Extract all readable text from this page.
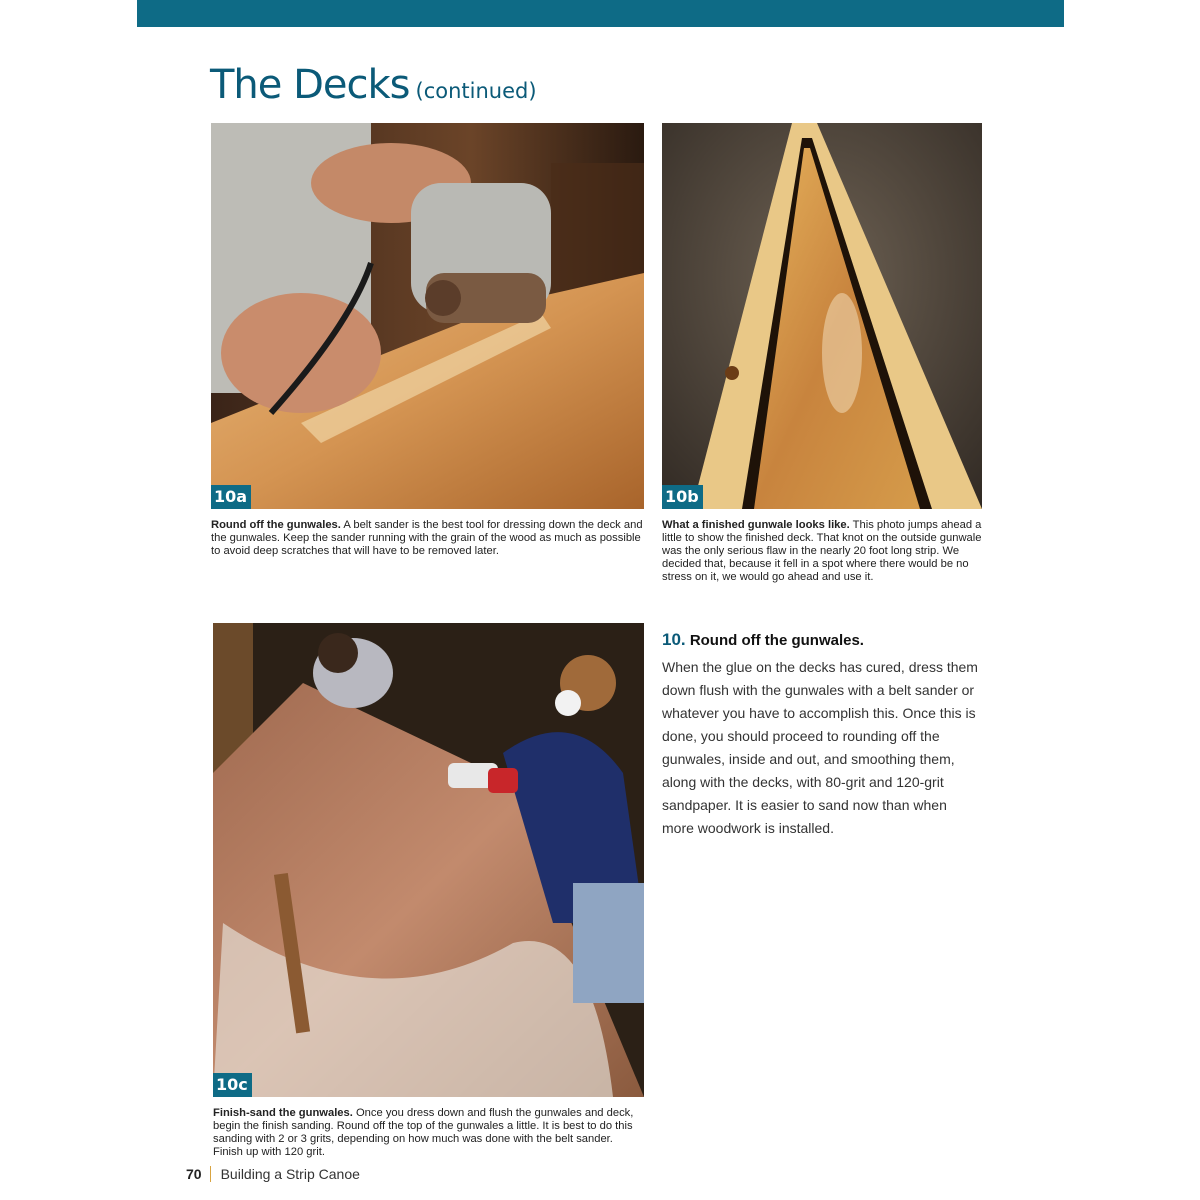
The Decks (continued)
10a	10b
Round off the gunwales. A belt sander is the best tool for dressing down the deck and the gunwales. Keep the sander running with the grain of the wood as much as possible to avoid deep scratches that will have to be removed later.
What a finished gunwale looks like. This photo jumps ahead a little to show the finished deck. That knot on the outside gunwale was the only serious flaw in the nearly 20 foot long strip. We decided that, because it fell in a spot where there would be no stress on it, we would go ahead and use it.
10c
Finish-sand the gunwales. Once you dress down and flush the gunwales and deck, begin the finish sanding. Round off the top of the gunwales a little. It is best to do this sanding with 2 or 3 grits, depending on how much was done with the belt sander. Finish up with 120 grit.
10. Round off the gunwales.
When the glue on the decks has cured, dress them down flush with the gunwales with a belt sander or whatever you have to accomplish this. Once this is done, you should proceed to rounding off the gunwales, inside and out, and smoothing them, along with the decks, with 80-grit and 120-grit sandpaper. It is easier to sand now than when more woodwork is installed.
70 Building a Strip Canoe
